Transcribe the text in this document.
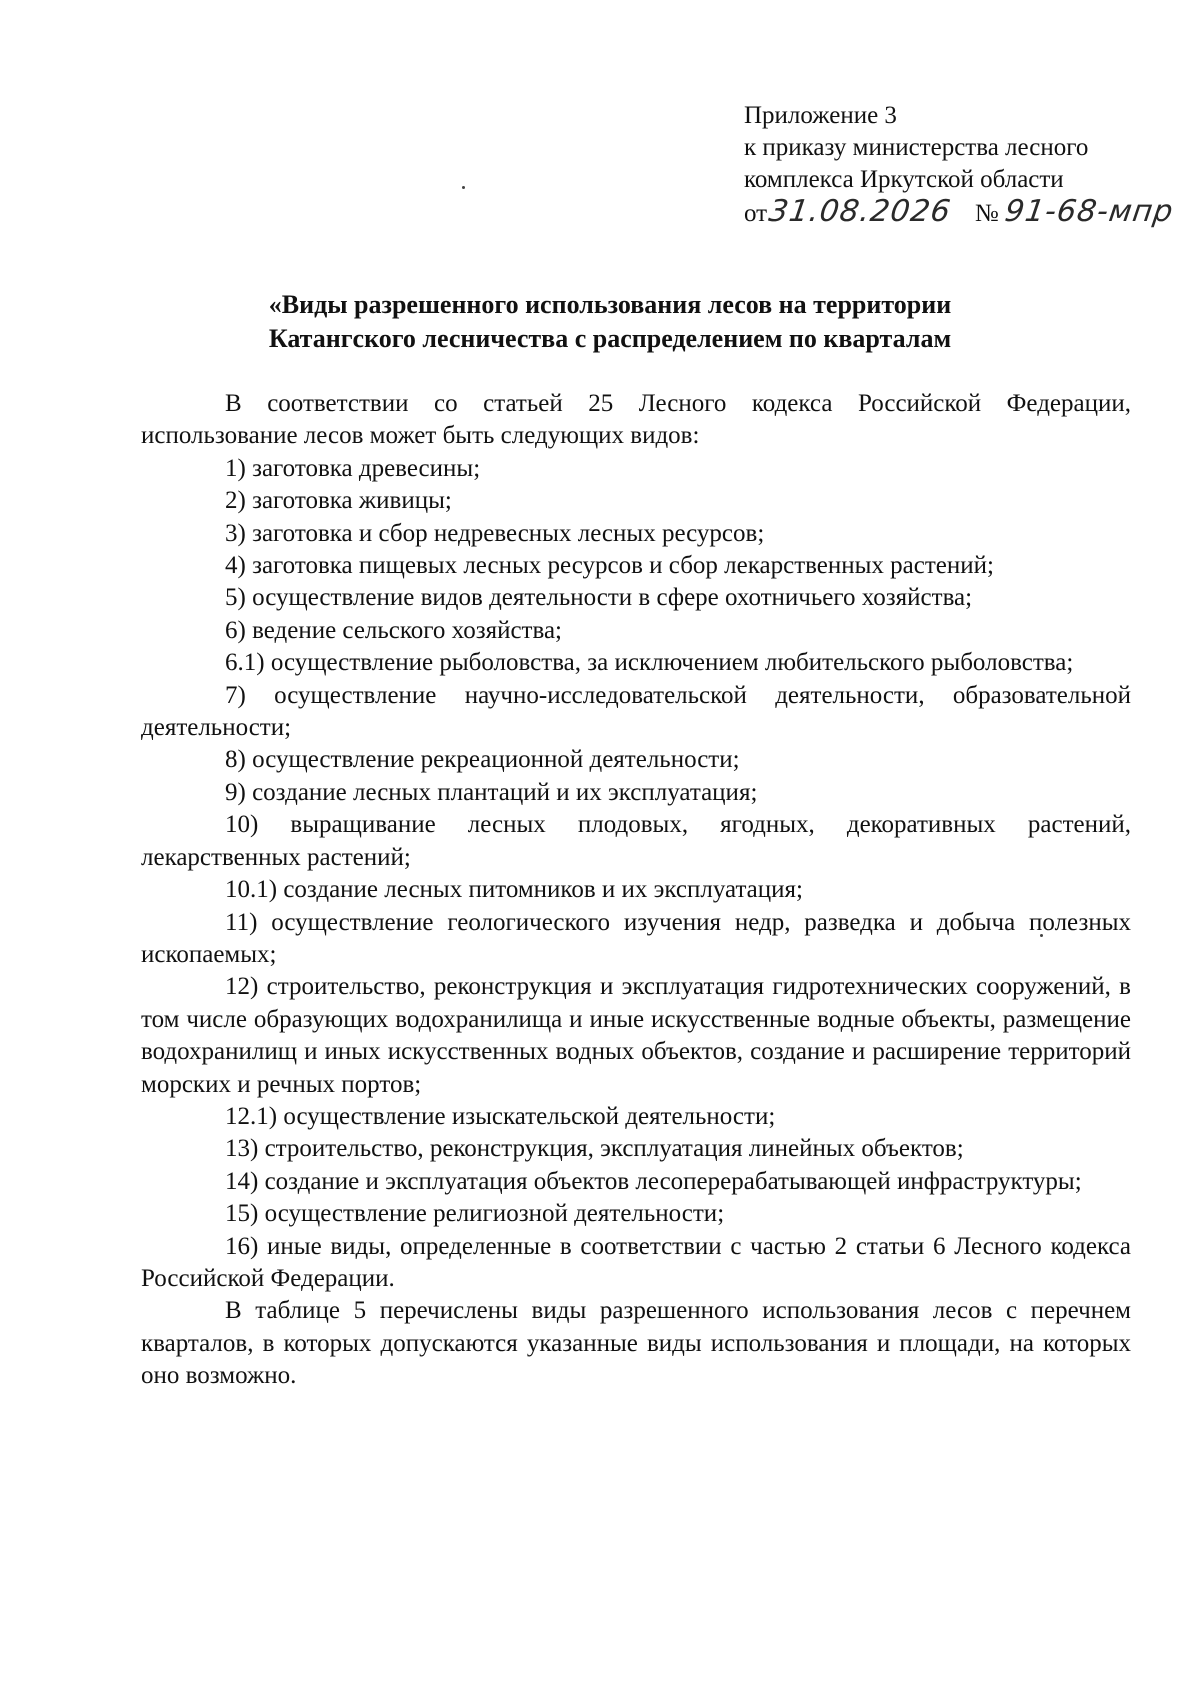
Приложение 3
к приказу министерства лесного
комплекса Иркутской области
от31.08.2026 № 91-68-мпр
«Виды разрешенного использования лесов на территории
Катангского лесничества с распределением по кварталам

В соответствии со статьей 25 Лесного кодекса Российской Федерации, использование лесов может быть следующих видов:

1) заготовка древесины;

2) заготовка живицы;

3) заготовка и сбор недревесных лесных ресурсов;

4) заготовка пищевых лесных ресурсов и сбор лекарственных растений;

5) осуществление видов деятельности в сфере охотничьего хозяйства;

6) ведение сельского хозяйства;

6.1) осуществление рыболовства, за исключением любительского рыболовства;

7) осуществление научно-исследовательской деятельности, образовательной деятельности;

8) осуществление рекреационной деятельности;

9) создание лесных плантаций и их эксплуатация;

10) выращивание лесных плодовых, ягодных, декоративных растений, лекарственных растений;

10.1) создание лесных питомников и их эксплуатация;

11) осуществление геологического изучения недр, разведка и добыча полезных ископаемых;

12) строительство, реконструкция и эксплуатация гидротехнических сооружений, в том числе образующих водохранилища и иные искусственные водные объекты, размещение водохранилищ и иных искусственных водных объектов, создание и расширение территорий морских и речных портов;

12.1) осуществление изыскательской деятельности;

13) строительство, реконструкция, эксплуатация линейных объектов;

14) создание и эксплуатация объектов лесоперерабатывающей инфраструктуры;

15) осуществление религиозной деятельности;

16) иные виды, определенные в соответствии с частью 2 статьи 6 Лесного кодекса Российской Федерации.

В таблице 5 перечислены виды разрешенного использования лесов с перечнем кварталов, в которых допускаются указанные виды использования и площади, на которых оно возможно.
